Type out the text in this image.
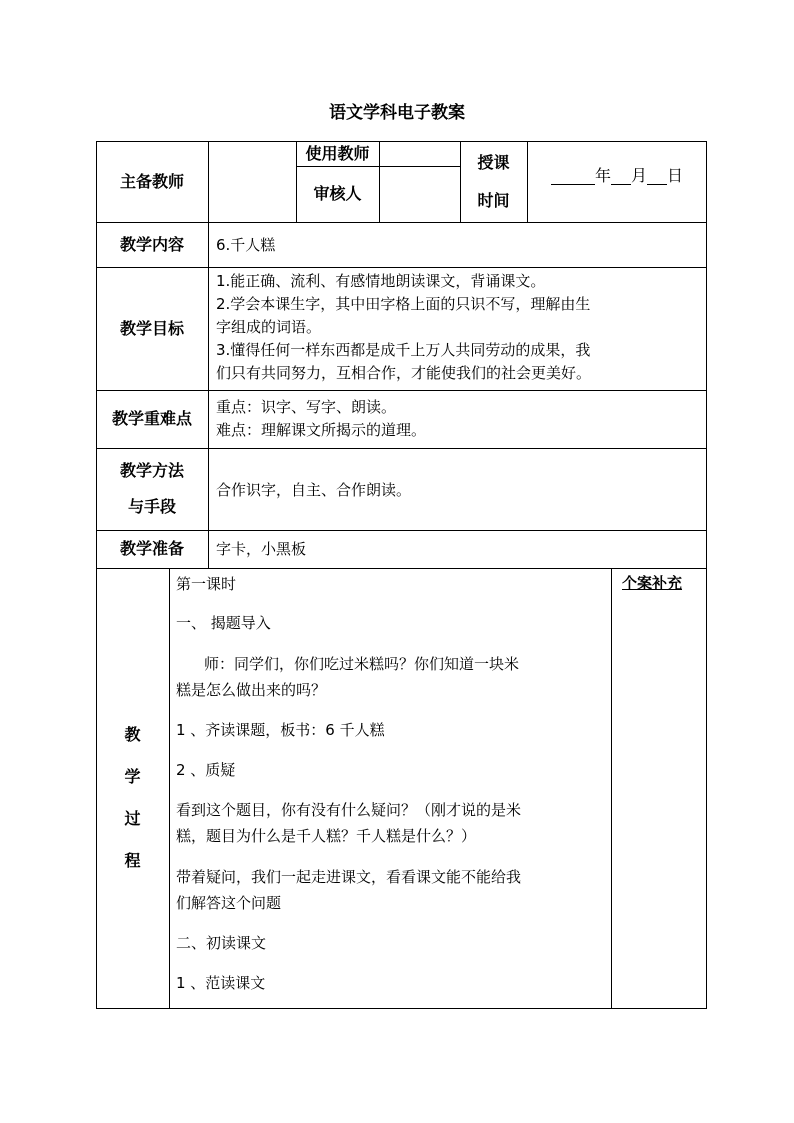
语文学科电子教案
主备教师
使用教师
审核人
授课
时间
年 月 日
教学内容	6.千人糕
教学目标
1.能正确、流利、有感情地朗读课文，背诵课文。
2.学会本课生字，其中田字格上面的只识不写，理解由生
字组成的词语。
3.懂得任何一样东西都是成千上万人共同劳动的成果，我
们只有共同努力，互相合作，才能使我们的社会更美好。
教学重难点
重点：识字、写字、朗读。
难点：理解课文所揭示的道理。
教学方法
与手段
合作识字，自主、合作朗读。
教学准备	字卡，小黑板
教
学
过
程
个案补充

第一课时

一、 揭题导入

师：同学们，你们吃过米糕吗？你们知道一块米

糕是怎么做出来的吗？

1 、齐读课题，板书：6 千人糕

2 、质疑

看到这个题目，你有没有什么疑问？（刚才说的是米

糕，题目为什么是千人糕？千人糕是什么？）

带着疑问，我们一起走进课文，看看课文能不能给我

们解答这个问题

二、初读课文

1 、范读课文
